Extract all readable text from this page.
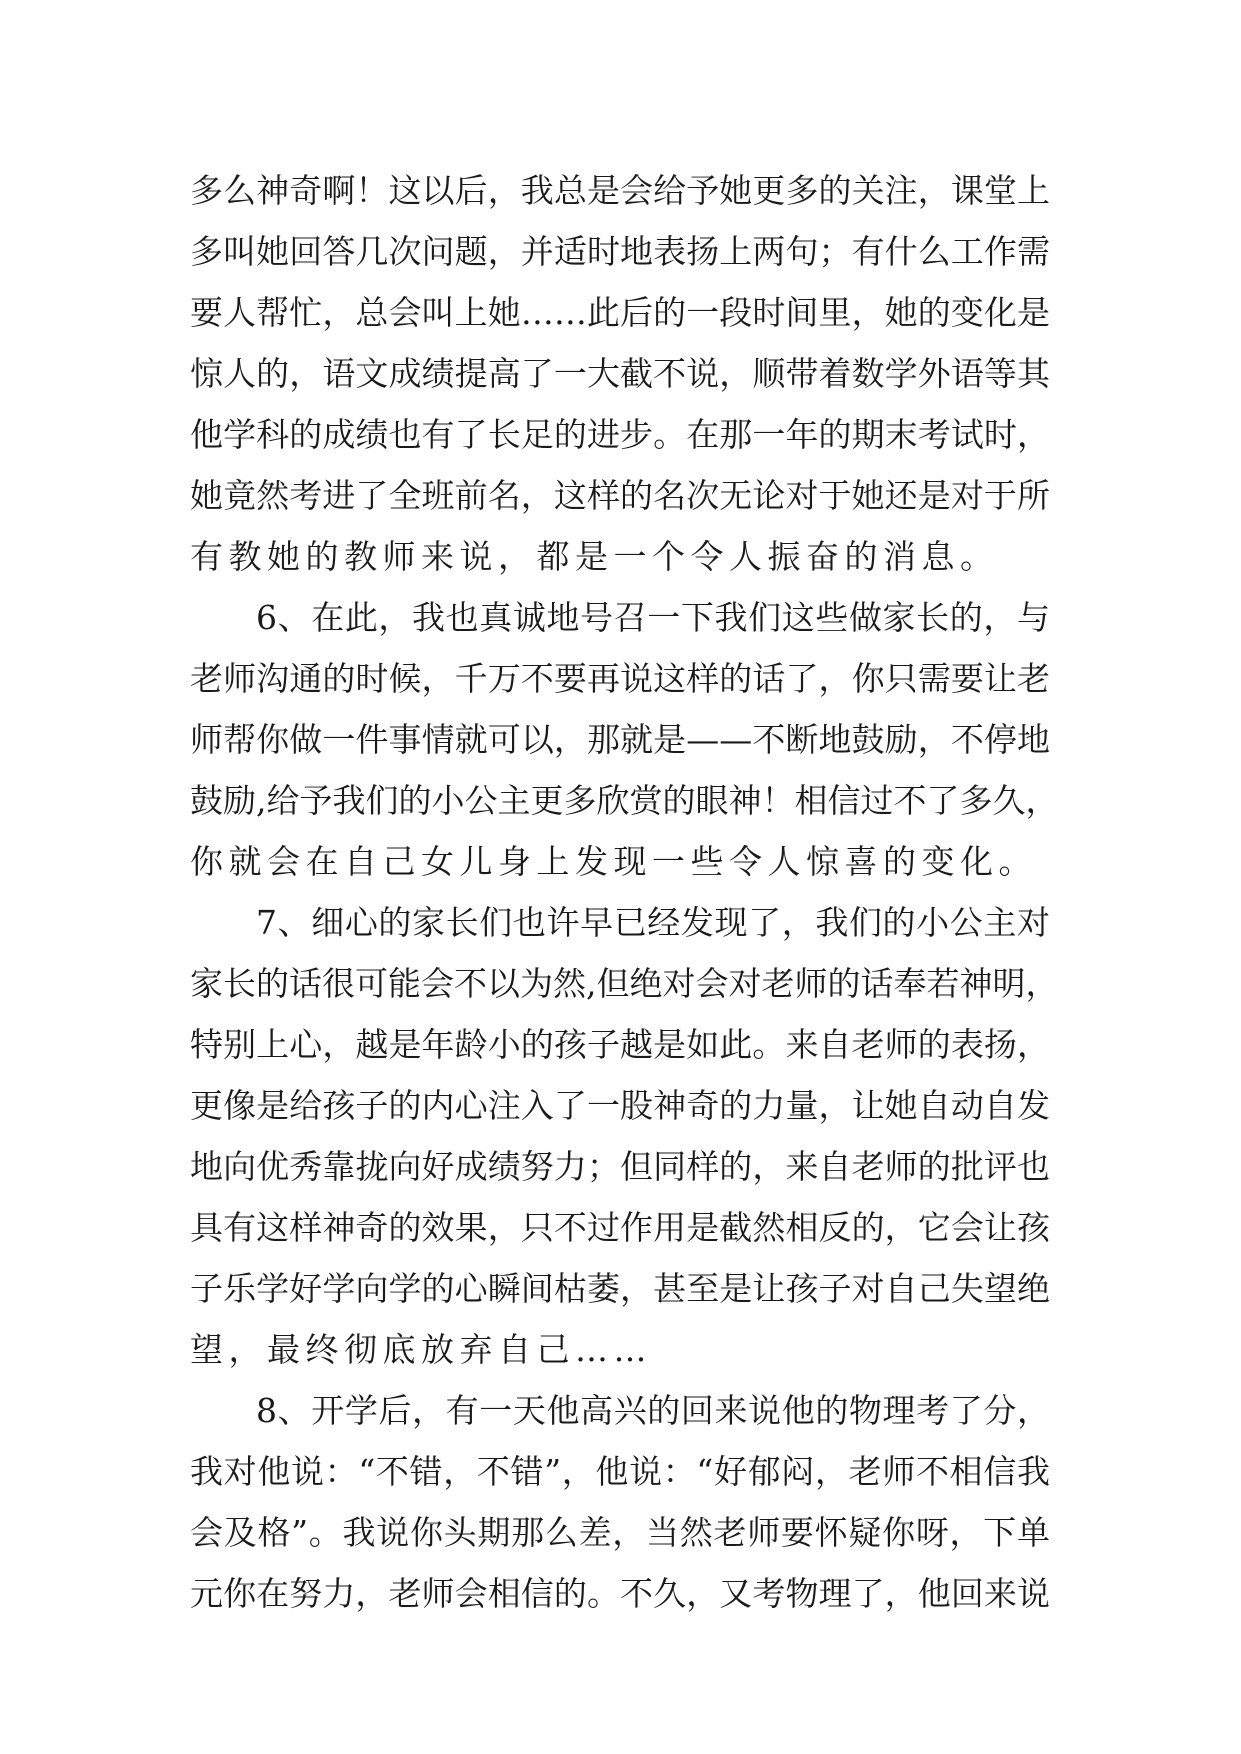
多么神奇啊！这以后，我总是会给予她更多的关注，课堂上
多叫她回答几次问题，并适时地表扬上两句；有什么工作需
要人帮忙，总会叫上她……此后的一段时间里，她的变化是
惊人的，语文成绩提高了一大截不说，顺带着数学外语等其
他学科的成绩也有了长足的进步。在那一年的期末考试时，
她竟然考进了全班前名，这样的名次无论对于她还是对于所
有教她的教师来说，都是一个令人振奋的消息。
6、在此，我也真诚地号召一下我们这些做家长的，与
老师沟通的时候，千万不要再说这样的话了，你只需要让老
师帮你做一件事情就可以，那就是——不断地鼓励，不停地
鼓励,给予我们的小公主更多欣赏的眼神！相信过不了多久，
你就会在自己女儿身上发现一些令人惊喜的变化。
7、细心的家长们也许早已经发现了，我们的小公主对
家长的话很可能会不以为然,但绝对会对老师的话奉若神明，
特别上心，越是年龄小的孩子越是如此。来自老师的表扬，
更像是给孩子的内心注入了一股神奇的力量，让她自动自发
地向优秀靠拢向好成绩努力；但同样的，来自老师的批评也
具有这样神奇的效果，只不过作用是截然相反的，它会让孩
子乐学好学向学的心瞬间枯萎，甚至是让孩子对自己失望绝
望，最终彻底放弃自己……
8、开学后，有一天他高兴的回来说他的物理考了分，
我对他说：“不错，不错”，他说：“好郁闷，老师不相信我
会及格”。我说你头期那么差，当然老师要怀疑你呀，下单
元你在努力，老师会相信的。不久，又考物理了，他回来说
